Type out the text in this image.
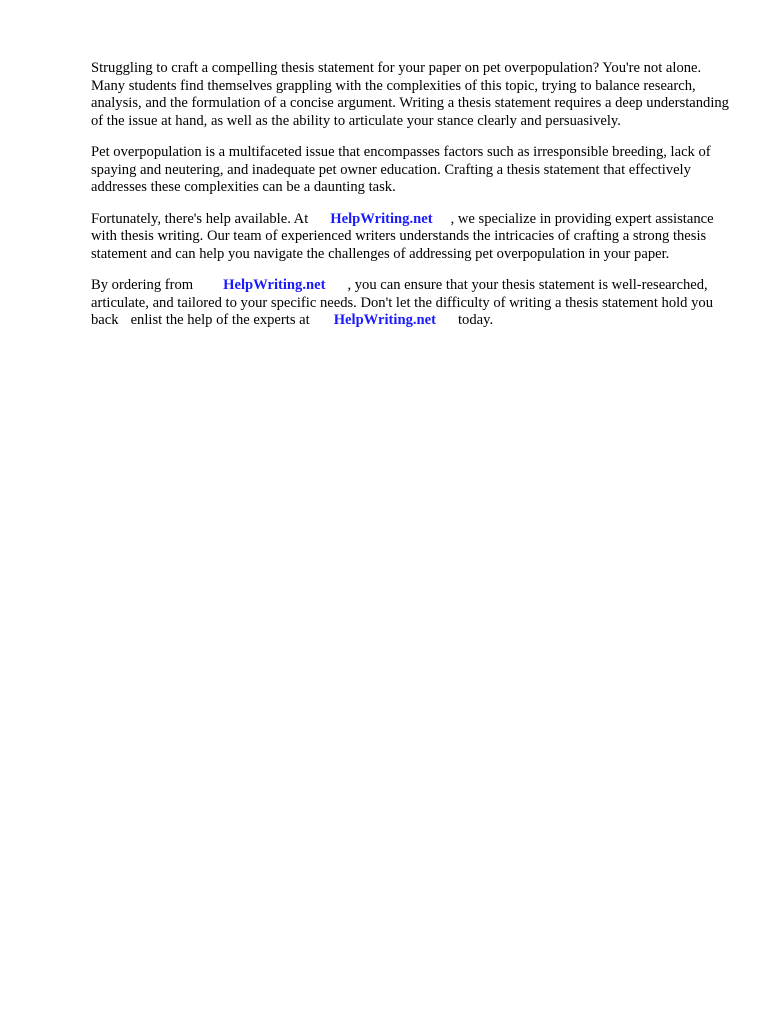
Struggling to craft a compelling thesis statement for your paper on pet overpopulation? You're not alone. Many students find themselves grappling with the complexities of this topic, trying to balance research, analysis, and the formulation of a concise argument. Writing a thesis statement requires a deep understanding of the issue at hand, as well as the ability to articulate your stance clearly and persuasively.

Pet overpopulation is a multifaceted issue that encompasses factors such as irresponsible breeding, lack of spaying and neutering, and inadequate pet owner education. Crafting a thesis statement that effectively addresses these complexities can be a daunting task.

Fortunately, there's help available. At HelpWriting.net , we specialize in providing expert assistance with thesis writing. Our team of experienced writers understands the intricacies of crafting a strong thesis statement and can help you navigate the challenges of addressing pet overpopulation in your paper.

By ordering from HelpWriting.net , you can ensure that your thesis statement is well-researched, articulate, and tailored to your specific needs. Don't let the difficulty of writing a thesis statement hold you back enlist the help of the experts at HelpWriting.net today.
